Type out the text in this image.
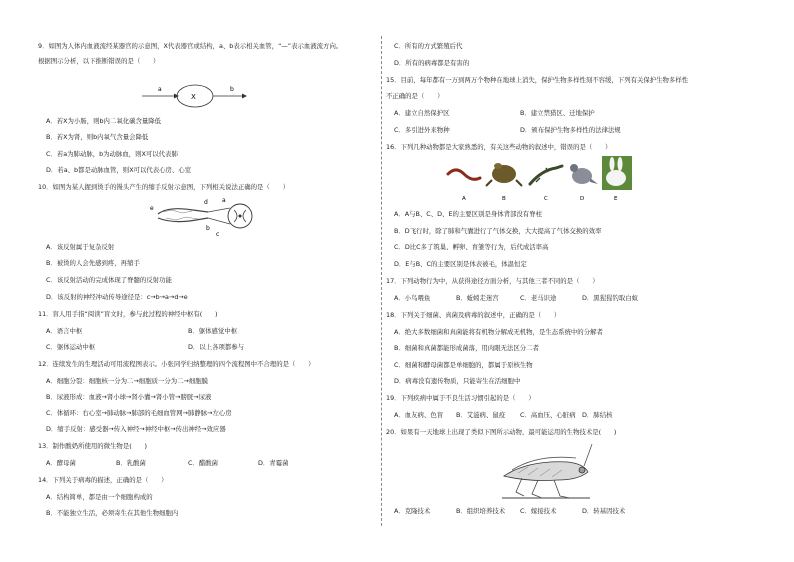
9．如图为人体内血液流经某器官的示意图，X代表器官或结构，a、b表示相关血管，“—”表示血液流方向。
根据图示分析，以下推断错误的是（　　）
a	b
X
A．若X为小肠，则b内二氧化碳含量降低
B．若X为肾，则b内氧气含量会降低
C．若a为肺动脉，b为动脉血，则X可以代表肺
D．若a、b都是动脉血管，则X可以代表心房、心室
10．如图为某人握到烫手的馒头产生的缩手反射示意图，下列相关说法正确的是（　　）
e
d a
b
c
A．该反射属于复杂反射
B．被烫的人会先感到疼，再缩手
C．该反射活动的完成体现了脊髓的反射功能
D．该反射的神经冲动传导途径是：c→b→a→d→e
11．盲人用手指“阅读”盲文时，参与此过程的神经中枢有(　　)
A．语言中枢	B．躯体感觉中枢
C．躯体运动中枢	D．以上各项都参与
12．连续发生的生理活动可用流程图表示。小张同学归纳整理的四个流程图中不合理的是（　　）
A．细胞分裂：细胞核一分为二→细胞质一分为二→细胞膜
B．尿液形成：血液→肾小球→肾小囊→肾小管→膀胱→尿液
C．体循环：右心室→肺动脉→肺部的毛细血管网→肺静脉→左心房
D．缩手反射：感受器→传入神经→神经中枢→传出神经→效应器
13．制作酸奶所使用的微生物是(　　)
A．酵母菌	B．乳酸菌	C．醋酸菌	D．青霉菌
14．下列关于病毒的描述，正确的是（　　）
A．结构简单，都是由一个细胞构成的
B．不能独立生活，必须寄生在其他生物细胞内
C．所有的方式繁殖后代
D．所有的病毒都是有害的
15．目前，每年都有一万到两万个物种在地球上消失，保护生物多样性刻不容缓，下列有关保护生物多样性
不正确的是（　　）
A．建立自然保护区	B．建立禁猎区、迁地保护
C．多引进外来物种	D．颁布保护生物多样性的法律法规
16．下列几种动物都是大家熟悉的，有关这些动物的叙述中，错误的是（　　）
A	B	C	D	E
A．A与B、C、D、E的主要区别是身体背部没有脊柱
B．D飞行时，除了肺和气囊进行了气体交换，大大提高了气体交换的效率
C．D比C多了筑巢、孵卵、育雏等行为，后代成活率高
D．E与B、C的主要区别是体表被毛，体温恒定
17．下列动物行为中，从获得途径方面分析，与其他三者不同的是（　　）
A．小鸟喂鱼	B．蚯蚓走迷宫	C．老马识途	D．黑猩猩钓取白蚁
18．下列关于细菌、真菌及病毒的叙述中，正确的是（　　）
A．绝大多数细菌和真菌能将有机物分解成无机物，是生态系统中的分解者
B．细菌和真菌都能形成菌落，用肉眼无法区分二者
C．细菌和酵母菌都是单细胞的，都属于原核生物
D．病毒没有遗传物质，只能寄生在活细胞中
19．下列疾病中属于不良生活习惯引起的是（　　）
A．血友病、色盲 B．艾滋病、鼠疫 C．高血压、心脏病 D．肺结核
20．如果有一天地球上出现了类似下图所示动物，最可能运用的生物技术是(　　)
A．克隆技术	B．组织培养技术 C．嫁接技术	D．转基因技术
